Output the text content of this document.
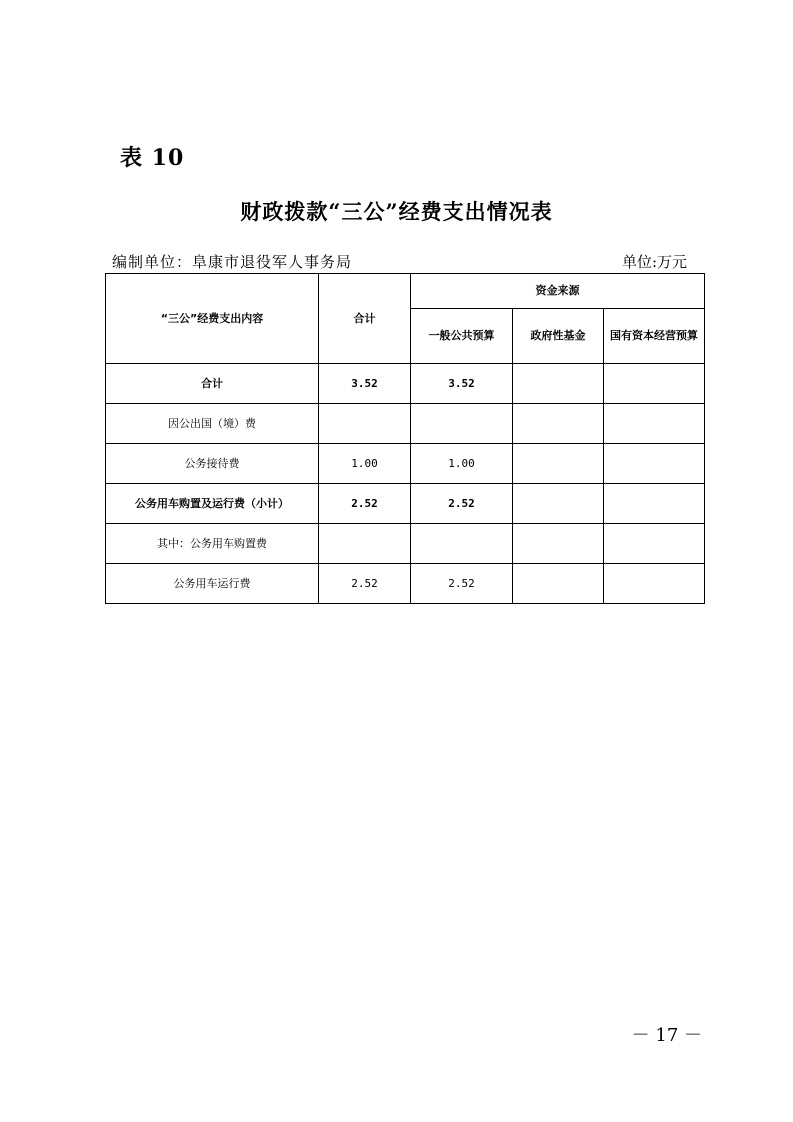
表 10
财政拨款“三公”经费支出情况表
编制单位：阜康市退役军人事务局	单位:万元
“三公”经费支出内容	合计	资金来源		
		一般公共预算	政府性基金	国有资本经营预算
合计	3.52	3.52		
因公出国（境）费				
公务接待费	1.00	1.00		
公务用车购置及运行费（小计）	2.52	2.52		
其中：公务用车购置费				
公务用车运行费	2.52	2.52		
－ 17 －
